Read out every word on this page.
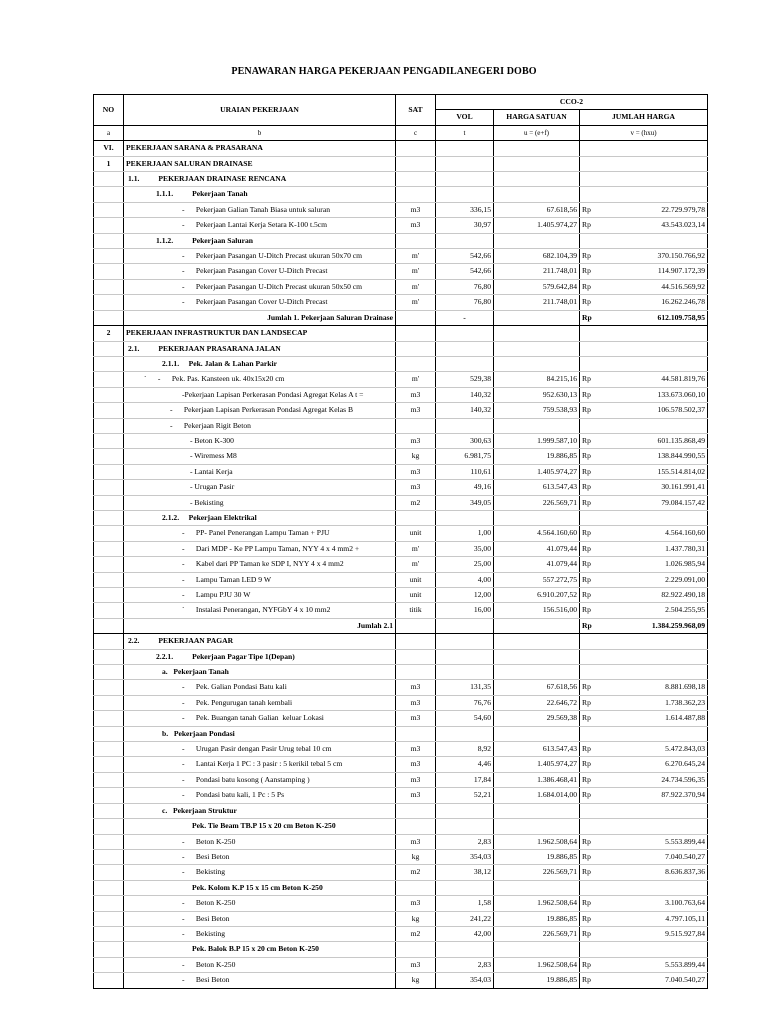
PENAWARAN HARGA PEKERJAAN PENGADILANEGERI DOBO
NO	URAIAN PEKERJAAN	SAT	CCO-2			
			VOL	HARGA SATUAN	JUMLAH HARGA	
a	b	c	t	u = (e+f)	v = (hxu)	
VI.	PEKERJAAN SARANA & PRASARANA					
1	PEKERJAAN SALURAN DRAINASE					
	1.1.          PEKERJAAN DRAINASE RENCANA					
	1.1.1.          Pekerjaan Tanah					
	-      Pekerjaan Galian Tanah Biasa untuk saluran	m3	336,15	67.618,56	Rp	22.729.979,78
	-      Pekerjaan Lantai Kerja Setara K-100 t.5cm	m3	30,97	1.405.974,27	Rp	43.543.023,14
	1.1.2.          Pekerjaan Saluran					
	-      Pekerjaan Pasangan U-Ditch Precast ukuran 50x70 cm	m'	542,66	682.104,39	Rp	370.150.766,92
	-      Pekerjaan Pasangan Cover U-Ditch Precast	m'	542,66	211.748,01	Rp	114.907.172,39
	-      Pekerjaan Pasangan U-Ditch Precast ukuran 50x50 cm	m'	76,80	579.642,84	Rp	44.516.569,92
	-      Pekerjaan Pasangan Cover U-Ditch Precast	m'	76,80	211.748,01	Rp	16.262.246,78
	Jumlah 1. Pekerjaan Saluran Drainase		-		Rp	612.109.758,95
2	PEKERJAAN INFRASTRUKTUR DAN LANDSECAP					
	2.1.          PEKERJAAN PRASARANA JALAN					
	2.1.1.     Pek. Jalan & Lahan Parkir					
	`      -      Pek. Pas. Kansteen uk. 40x15x20 cm	m'	529,38	84.215,16	Rp	44.581.819,76
	-Pekerjaan Lapisan Perkerasan Pondasi Agregat Kelas A t =	m3	140,32	952.630,13	Rp	133.673.060,10
	-      Pekerjaan Lapisan Perkerasan Pondasi Agregat Kelas B	m3	140,32	759.538,93	Rp	106.578.502,37
	-      Pekerjaan Rigit Beton					
	- Beton K-300	m3	300,63	1.999.587,10	Rp	601.135.868,49
	- Wiremess M8	kg	6.981,75	19.886,85	Rp	138.844.990,55
	- Lantai Kerja	m3	110,61	1.405.974,27	Rp	155.514.814,02
	- Urugan Pasir	m3	49,16	613.547,43	Rp	30.161.991,41
	- Bekisting	m2	349,05	226.569,71	Rp	79.084.157,42
	2.1.2.     Pekerjaan Elektrikal					
	-      PP- Panel Penerangan Lampu Taman + PJU	unit	1,00	4.564.160,60	Rp	4.564.160,60
	-      Dari MDP - Ke PP Lampu Taman, NYY 4 x 4 mm2 +	m'	35,00	41.079,44	Rp	1.437.780,31
	-      Kabel dari PP Taman ke SDP I, NYY 4 x 4 mm2	m'	25,00	41.079,44	Rp	1.026.985,94
	-      Lampu Taman LED 9 W	unit	4,00	557.272,75	Rp	2.229.091,00
	-      Lampu PJU 30 W	unit	12,00	6.910.207,52	Rp	82.922.490,18
	`      Instalasi Penerangan, NYFGbY 4 x 10 mm2	titik	16,00	156.516,00	Rp	2.504.255,95
	Jumlah 2.1				Rp	1.384.259.968,09
	2.2.          PEKERJAAN PAGAR					
	2.2.1.          Pekerjaan Pagar Tipe 1(Depan)					
	a.   Pekerjaan Tanah					
	-      Pek. Galian Pondasi Batu kali	m3	131,35	67.618,56	Rp	8.881.698,18
	-      Pek. Pengurugan tanah kembali	m3	76,76	22.646,72	Rp	1.738.362,23
	-      Pek. Buangan tanah Galian  keluar Lokasi	m3	54,60	29.569,38	Rp	1.614.487,88
	b.   Pekerjaan Pondasi					
	-      Urugan Pasir dengan Pasir Urug tebal 10 cm	m3	8,92	613.547,43	Rp	5.472.843,03
	-      Lantai Kerja 1 PC : 3 pasir : 5 kerikil tebal 5 cm	m3	4,46	1.405.974,27	Rp	6.270.645,24
	-      Pondasi batu kosong ( Aanstamping )	m3	17,84	1.386.468,41	Rp	24.734.596,35
	-      Pondasi batu kali, 1 Pc : 5 Ps	m3	52,21	1.684.014,00	Rp	87.922.370,94
	c.   Pekerjaan Struktur					
	Pek. Tie Beam TB.P 15 x 20 cm Beton K-250					
	-      Beton K-250	m3	2,83	1.962.508,64	Rp	5.553.899,44
	-      Besi Beton	kg	354,03	19.886,85	Rp	7.040.540,27
	-      Bekisting	m2	38,12	226.569,71	Rp	8.636.837,36
	Pek. Kolom K.P 15 x 15 cm Beton K-250					
	-      Beton K-250	m3	1,58	1.962.508,64	Rp	3.100.763,64
	-      Besi Beton	kg	241,22	19.886,85	Rp	4.797.105,11
	-      Bekisting	m2	42,00	226.569,71	Rp	9.515.927,84
	Pek. Balok B.P 15 x 20 cm Beton K-250					
	-      Beton K-250	m3	2,83	1.962.508,64	Rp	5.553.899,44
	-      Besi Beton	kg	354,03	19.886,85	Rp	7.040.540,27
